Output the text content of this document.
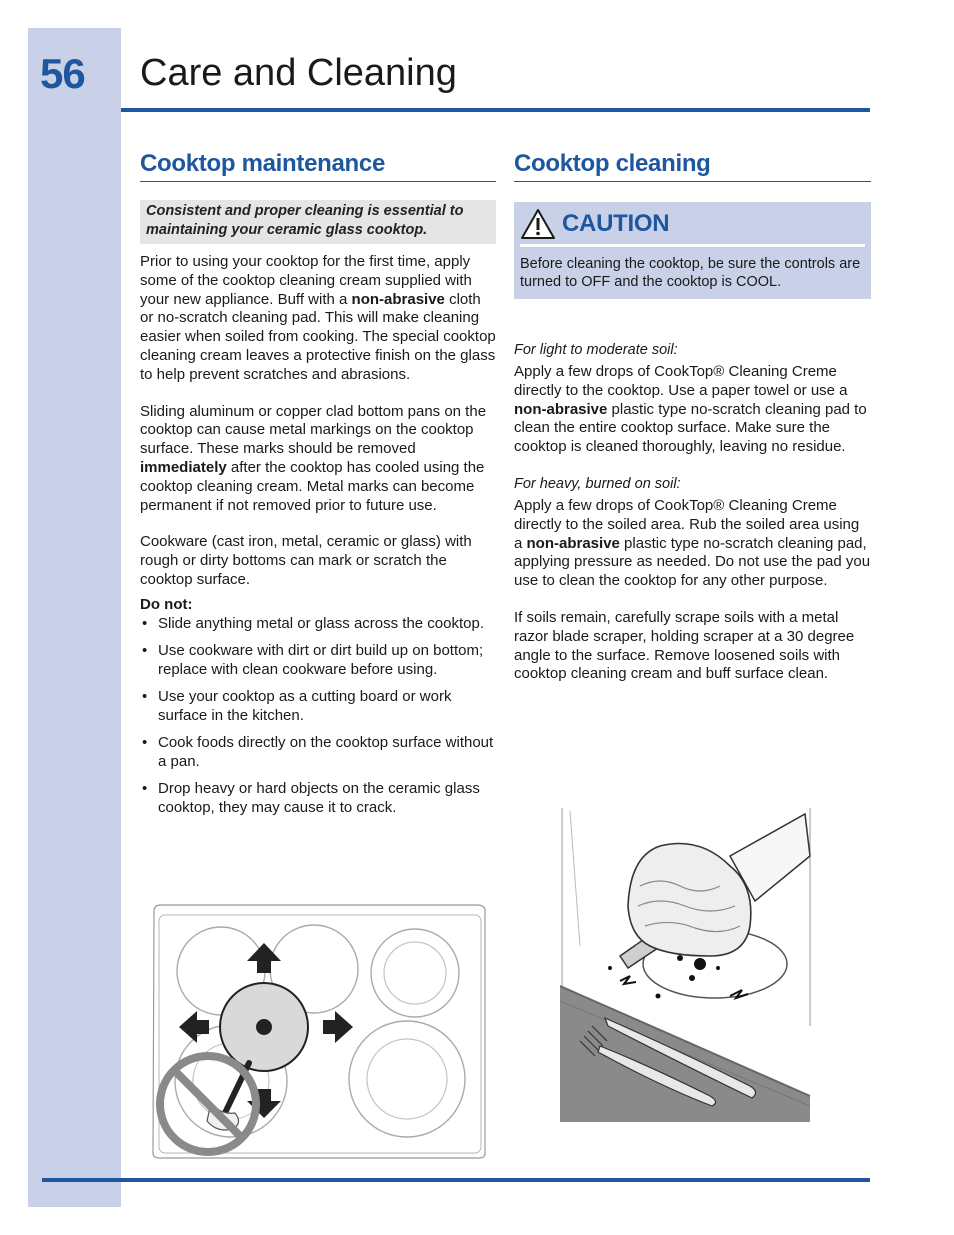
56 Care and Cleaning
Cooktop maintenance
Consistent and proper cleaning is essential to maintaining your ceramic glass cooktop.

Prior to using your cooktop for the first time, apply some of the cooktop cleaning cream supplied with your new appliance. Buff with a non-abrasive cloth or no-scratch cleaning pad. This will make cleaning easier when soiled from cooking. The special cooktop cleaning cream leaves a protective finish on the glass to help prevent scratches and abrasions.

Sliding aluminum or copper clad bottom pans on the cooktop can cause metal markings on the cooktop surface. These marks should be removed immediately after the cooktop has cooled using the cooktop cleaning cream. Metal marks can become permanent if not removed prior to future use.

Cookware (cast iron, metal, ceramic or glass) with rough or dirty bottoms can mark or scratch the cooktop surface.

Do not:
• Slide anything metal or glass across the cooktop.
• Use cookware with dirt or dirt build up on bottom; replace with clean cookware before using.
• Use your cooktop as a cutting board or work surface in the kitchen.
• Cook foods directly on the cooktop surface without a pan.
• Drop heavy or hard objects on the ceramic glass cooktop, they may cause it to crack.
Cooktop cleaning
CAUTION
Before cleaning the cooktop, be sure the controls are turned to OFF and the cooktop is COOL.
For light to moderate soil:

Apply a few drops of CookTop® Cleaning Creme directly to the cooktop. Use a paper towel or use a non-abrasive plastic type no-scratch cleaning pad to clean the entire cooktop surface. Make sure the cooktop is cleaned thoroughly, leaving no residue.

For heavy, burned on soil:

Apply a few drops of CookTop® Cleaning Creme directly to the soiled area. Rub the soiled area using a non-abrasive plastic type no-scratch cleaning pad, applying pressure as needed. Do not use the pad you use to clean the cooktop for any other purpose.

If soils remain, carefully scrape soils with a metal razor blade scraper, holding scraper at a 30 degree angle to the surface. Remove loosened soils with cooktop cleaning cream and buff surface clean.
